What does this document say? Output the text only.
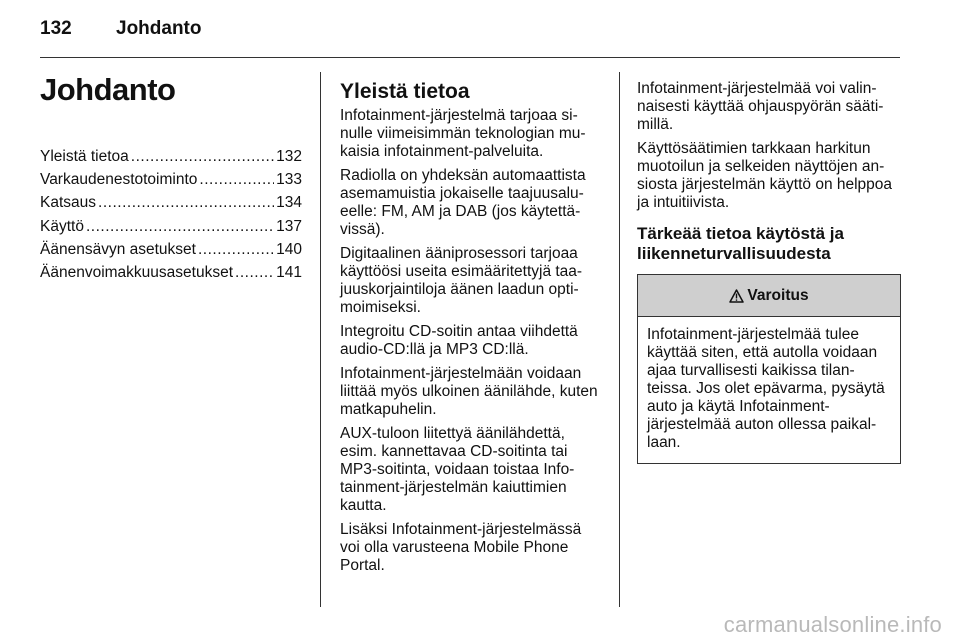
132 Johdanto
Johdanto
Yleistä tietoa . . .	132
Varkaudenestotoiminto . . .	133
Katsaus . . .	134
Käyttö . . .	137
Äänensävyn asetukset . . .	140
Äänenvoimakkuusasetukset . . .	141
Yleistä tietoa
Infotainment-järjestelmä tarjoaa si-
nulle viimeisimmän teknologian mu-
kaisia infotainment-palveluita.
Radiolla on yhdeksän automaattista
asemamuistia jokaiselle taajuusalu-
eelle: FM, AM ja DAB (jos käytettä-
vissä).
Digitaalinen ääniprosessori tarjoaa
käyttöösi useita esimääritettyjä taa-
juuskorjaintiloja äänen laadun opti-
moimiseksi.
Integroitu CD-soitin antaa viihdettä
audio-CD:llä ja MP3 CD:llä.
Infotainment-järjestelmään voidaan
liittää myös ulkoinen äänilähde, kuten
matkapuhelin.
AUX-tuloon liitettyä äänilähdettä,
esim. kannettavaa CD-soitinta tai
MP3-soitinta, voidaan toistaa Info-
tainment-järjestelmän kaiuttimien
kautta.
Lisäksi Infotainment-järjestelmässä
voi olla varusteena Mobile Phone
Portal.
Infotainment-järjestelmää voi valin-
naisesti käyttää ohjauspyörän sääti-
millä.
Käyttösäätimien tarkkaan harkitun
muotoilun ja selkeiden näyttöjen an-
siosta järjestelmän käyttö on helppoa
ja intuitiivista.
Tärkeää tietoa käytöstä ja
liikenneturvallisuudesta
Varoitus
Infotainment-järjestelmää tulee
käyttää siten, että autolla voidaan
ajaa turvallisesti kaikissa tilan-
teissa. Jos olet epävarma, pysäytä
auto ja käytä Infotainment-
järjestelmää auton ollessa paikal-
laan.
carmanualsonline.info
